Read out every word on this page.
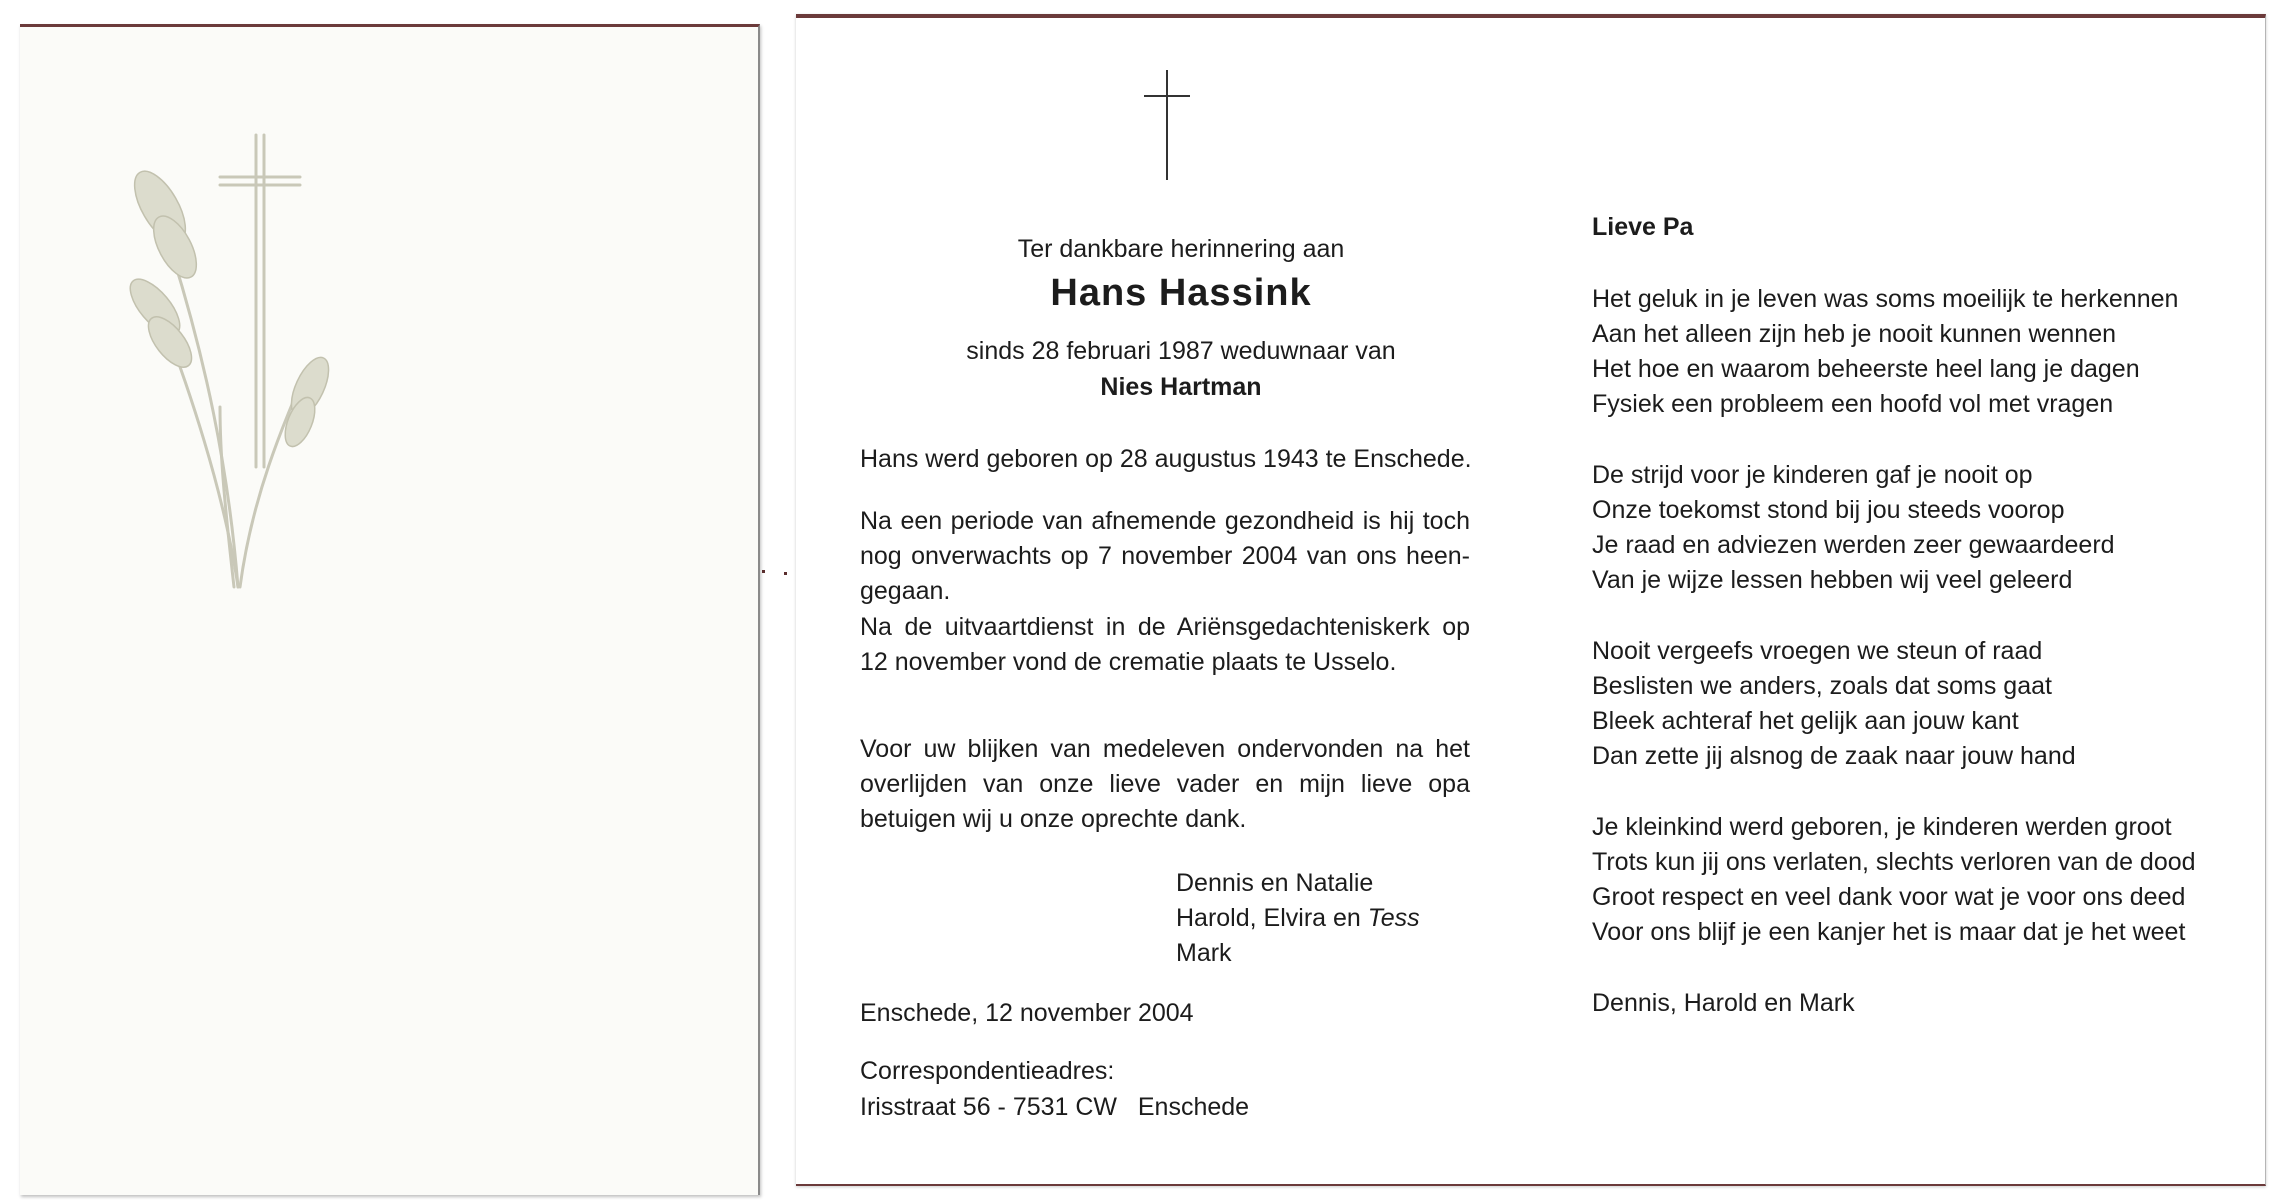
Ter dankbare herinnering aan
Hans Hassink
sinds 28 februari 1987 weduwnaar van
Nies Hartman
Hans werd geboren op 28 augustus 1943 te Enschede.
Na een periode van afnemende gezondheid is hij toch
nog onverwachts op 7 november 2004 van ons heen-
gegaan.
Na de uitvaartdienst in de Ariënsgedachteniskerk op
12 november vond de crematie plaats te Usselo.
Voor uw blijken van medeleven ondervonden na het
overlijden van onze lieve vader en mijn lieve opa
betuigen wij u onze oprechte dank.
Dennis en Natalie
Harold, Elvira en Tess
Mark
Enschede, 12 november 2004
Correspondentieadres:
Irisstraat 56 - 7531 CW   Enschede
Lieve Pa
Het geluk in je leven was soms moeilijk te herkennen
Aan het alleen zijn heb je nooit kunnen wennen
Het hoe en waarom beheerste heel lang je dagen
Fysiek een probleem een hoofd vol met vragen
De strijd voor je kinderen gaf je nooit op
Onze toekomst stond bij jou steeds voorop
Je raad en adviezen werden zeer gewaardeerd
Van je wijze lessen hebben wij veel geleerd
Nooit vergeefs vroegen we steun of raad
Beslisten we anders, zoals dat soms gaat
Bleek achteraf het gelijk aan jouw kant
Dan zette jij alsnog de zaak naar jouw hand
Je kleinkind werd geboren, je kinderen werden groot
Trots kun jij ons verlaten, slechts verloren van de dood
Groot respect en veel dank voor wat je voor ons deed
Voor ons blijf je een kanjer het is maar dat je het weet
Dennis, Harold en Mark
